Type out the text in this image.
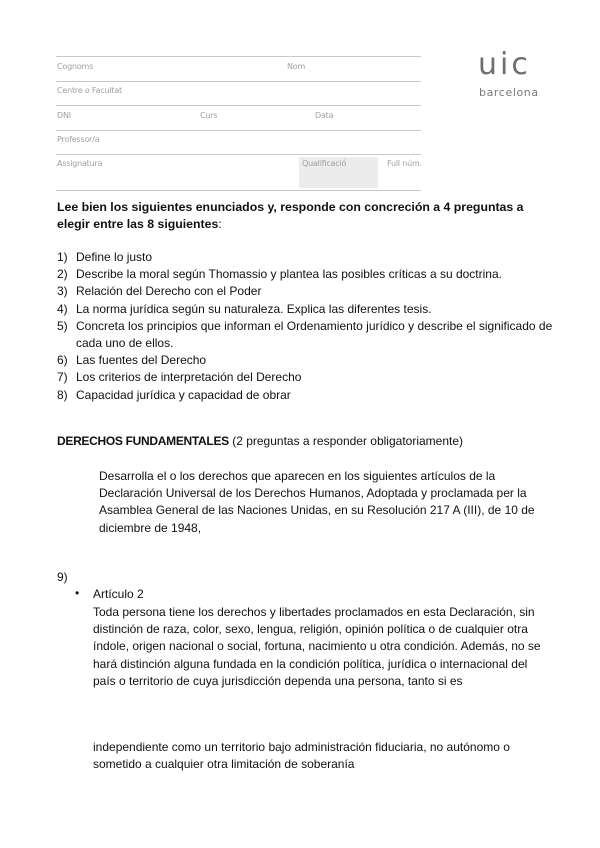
Cognoms	Nom
Centre o Facultat
DNI	Curs	Data
Professor/a
Assignatura	Qualificació	Full núm.
uic
barcelona
Lee bien los siguientes enunciados y, responde con concreción a 4 preguntas a elegir entre las 8 siguientes:
1) Define lo justo
2) Describe la moral según Thomassio y plantea las posibles críticas a su doctrina.
3) Relación del Derecho con el Poder
4) La norma jurídica según su naturaleza. Explica las diferentes tesis.
5) Concreta los principios que informan el Ordenamiento jurídico y describe el significado de cada uno de ellos.
6) Las fuentes del Derecho
7) Los criterios de interpretación del Derecho
8) Capacidad jurídica y capacidad de obrar
DERECHOS FUNDAMENTALES (2 preguntas a responder obligatoriamente)
Desarrolla el o los derechos que aparecen en los siguientes artículos de la Declaración Universal de los Derechos Humanos, Adoptada y proclamada per la Asamblea General de las Naciones Unidas, en su Resolución 217 A (III), de 10 de diciembre de 1948,
9)
• Artículo 2
Toda persona tiene los derechos y libertades proclamados en esta Declaración, sin distinción de raza, color, sexo, lengua, religión, opinión política o de cualquier otra índole, origen nacional o social, fortuna, nacimiento u otra condición. Además, no se hará distinción alguna fundada en la condición política, jurídica o internacional del país o territorio de cuya jurisdicción dependa una persona, tanto si es
independiente como un territorio bajo administración fiduciaria, no autónomo o sometido a cualquier otra limitación de soberanía
